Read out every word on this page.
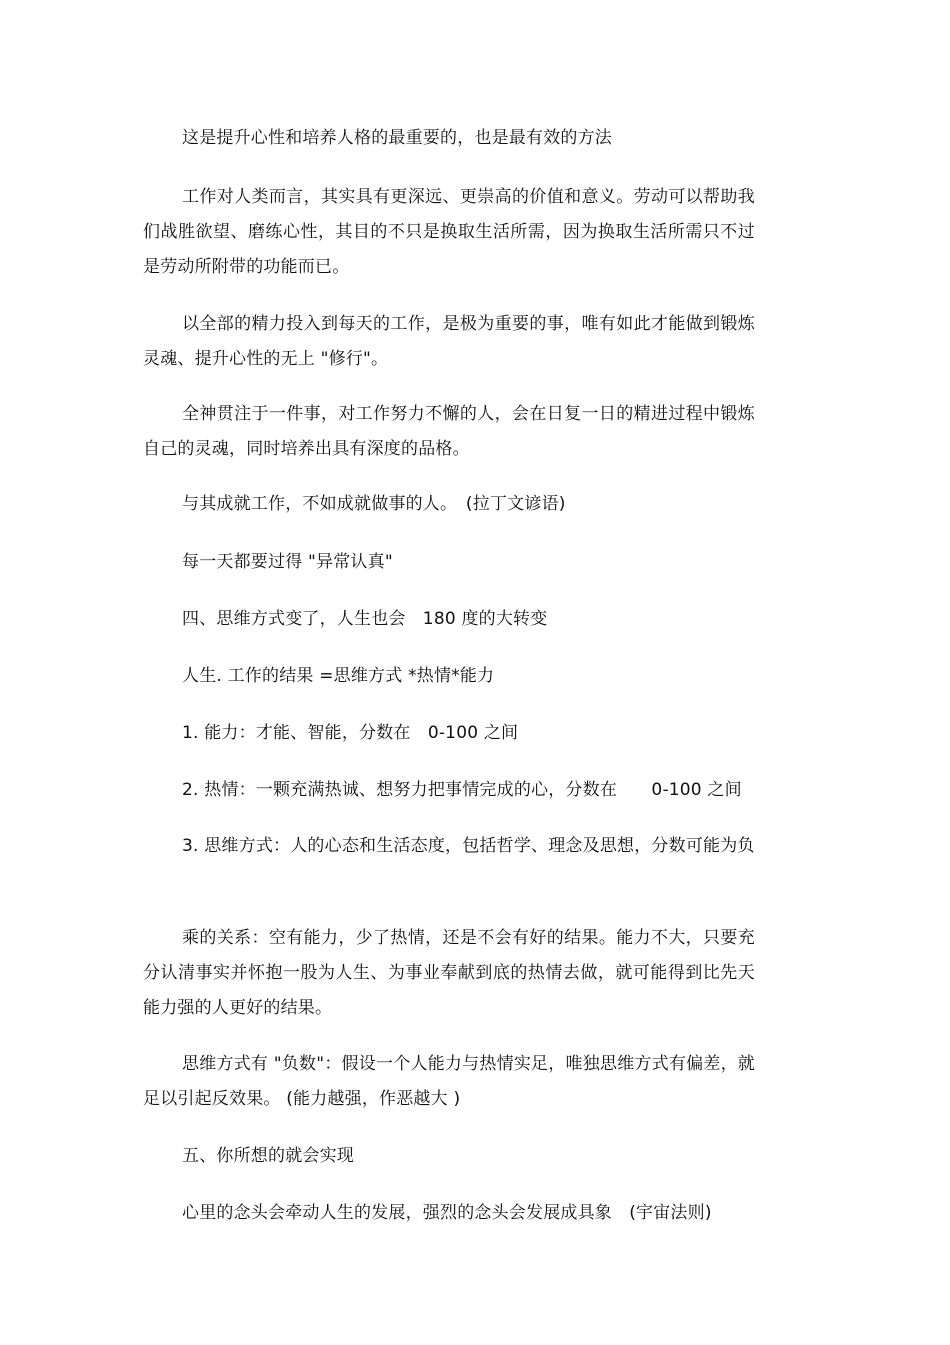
这是提升心性和培养人格的最重要的，也是最有效的方法

工作对人类而言，其实具有更深远、更崇高的价值和意义。劳动可以帮助我们战胜欲望、磨练心性，其目的不只是换取生活所需，因为换取生活所需只不过是劳动所附带的功能而已。

以全部的精力投入到每天的工作，是极为重要的事，唯有如此才能做到锻炼灵魂、提升心性的无上 "修行"。

全神贯注于一件事，对工作努力不懈的人，会在日复一日的精进过程中锻炼自己的灵魂，同时培养出具有深度的品格。

与其成就工作，不如成就做事的人。　(拉丁文谚语)

每一天都要过得 "异常认真"

四、思维方式变了，人生也会　180 度的大转变

人生. 工作的结果 =思维方式 *热情*能力

1. 能力：才能、智能，分数在　0-100 之间

2. 热情：一颗充满热诚、想努力把事情完成的心，分数在　　0-100 之间

3. 思维方式：人的心态和生活态度，包括哲学、理念及思想，分数可能为负

乘的关系：空有能力，少了热情，还是不会有好的结果。能力不大，只要充分认清事实并怀抱一股为人生、为事业奉献到底的热情去做，就可能得到比先天能力强的人更好的结果。

思维方式有 "负数"：假设一个人能力与热情实足，唯独思维方式有偏差，就足以引起反效果。 (能力越强，作恶越大 )

五、你所想的就会实现

心里的念头会牵动人生的发展，强烈的念头会发展成具象　(宇宙法则)
